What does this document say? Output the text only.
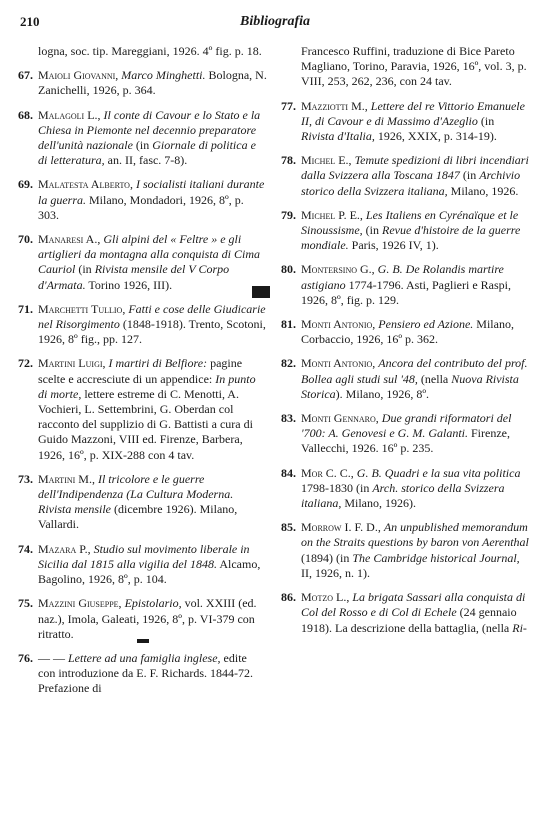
210	Bibliografia
logna, soc. tip. Mareggiani, 1926. 4º fig. p. 18.
67. Maioli Giovanni, Marco Minghetti. Bologna, N. Zanichelli, 1926, p. 364.
68. Malagoli L., Il conte di Cavour e lo Stato e la Chiesa in Piemonte nel decennio preparatore dell'unità nazionale (in Giornale di politica e di letteratura, an. II, fasc. 7-8).
69. Malatesta Alberto, I socialisti italiani durante la guerra. Milano, Mondadori, 1926, 8º, p. 303.
70. Manaresi A., Gli alpini del « Feltre » e gli artiglieri da montagna alla conquista di Cima Cauriol (in Rivista mensile del V Corpo d'Armata. Torino 1926, III).
71. Marchetti Tullio, Fatti e cose delle Giudicarie nel Risorgimento (1848-1918). Trento, Scotoni, 1926, 8º fig., pp. 127.
72. Martini Luigi, I martiri di Belfiore: pagine scelte e accresciute di un appendice: In punto di morte, lettere estreme di C. Menotti, A. Vochieri, L. Settembrini, G. Oberdan col racconto del supplizio di G. Battisti a cura di Guido Mazzoni, VIII ed. Firenze, Barbera, 1926, 16º, p. XIX-288 con 4 tav.
73. Martini M., Il tricolore e le guerre dell'Indipendenza (La Cultura Moderna. Rivista mensile (dicembre 1926). Milano, Vallardi.
74. Mazara P., Studio sul movimento liberale in Sicilia dal 1815 alla vigilia del 1848. Alcamo, Bagolino, 1926, 8º, p. 104.
75. Mazzini Giuseppe, Epistolario, vol. XXIII (ed. naz.), Imola, Galeati, 1926, 8º, p. VI-379 con ritratto.
76. — — Lettere ad una famiglia inglese, edite con introduzione da E. F. Richards. 1844-72. Prefazione di
Francesco Ruffini, traduzione di Bice Pareto Magliano, Torino, Paravia, 1926, 16º, vol. 3, p. VIII, 253, 262, 236, con 24 tav.
77. Mazziotti M., Lettere del re Vittorio Emanuele II, di Cavour e di Massimo d'Azeglio (in Rivista d'Italia, 1926, XXIX, p. 314-19).
78. Michel E., Temute spedizioni di libri incendiari dalla Svizzera alla Toscana 1847 (in Archivio storico della Svizzera italiana, Milano, 1926.
79. Michel P. E., Les Italiens en Cyrénaïque et le Sinoussisme, (in Revue d'histoire de la guerre mondiale. Paris, 1926 IV, 1).
80. Montersino G., G. B. De Rolandis martire astigiano 1774-1796. Asti, Paglieri e Raspi, 1926, 8º, fig. p. 129.
81. Monti Antonio, Pensiero ed Azione. Milano, Corbaccio, 1926, 16º p. 362.
82. Monti Antonio, Ancora del contributo del prof. Bollea agli studi sul '48, (nella Nuova Rivista Storica). Milano, 1926, 8º.
83. Monti Gennaro, Due grandi riformatori del '700: A. Genovesi e G. M. Galanti. Firenze, Vallecchi, 1926. 16º p. 235.
84. Mor C. C., G. B. Quadri e la sua vita politica 1798-1830 (in Arch. storico della Svizzera italiana, Milano, 1926).
85. Morrow I. F. D., An unpublished memorandum on the Straits questions by baron von Aerenthal (1894) (in The Cambridge historical Journal, II, 1926, n. 1).
86. Motzo L., La brigata Sassari alla conquista di Col del Rosso e di Col di Echele (24 gennaio 1918). La descrizione della battaglia, (nella Ri-
